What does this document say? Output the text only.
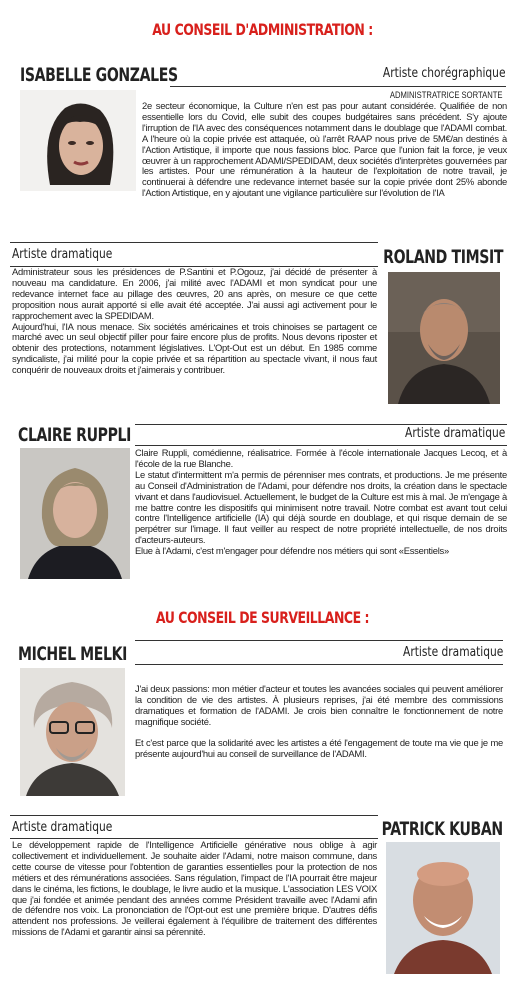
AU CONSEIL D'ADMINISTRATION :
ISABELLE GONZALES	Artiste chorégraphique
ADMINISTRATRICE SORTANTE

2e secteur économique, la Culture n'en est pas pour autant considérée. Qualifiée de non essentielle lors du Covid, elle subit des coupes budgétaires sans précédent. S'y ajoute l'irruption de l'IA avec des conséquences notamment dans le doublage que l'ADAMI combat. A l'heure où la copie privée est attaquée, où l'arrêt RAAP nous prive de 5M€/an destinés à l'Action Artistique, il importe que nous fassions bloc. Parce que l'union fait la force, je veux œuvrer à un rapprochement ADAMI/SPEDIDAM, deux sociétés d'interprètes gouvernées par les artistes. Pour une rémunération à la hauteur de l'exploitation de notre travail, je continuerai à défendre une redevance internet basée sur la copie privée dont 25% abonde l'Action Artistique, en y ajoutant une vigilance particulière sur l'évolution de l'IA

Artiste dramatique	ROLAND TIMSIT

Administrateur sous les présidences de P.Santini et P.Ogouz, j'ai décidé de présenter à nouveau ma candidature. En 2006, j'ai milité avec l'ADAMI et mon syndicat pour une redevance internet face au pillage des œuvres, 20 ans après, on mesure ce que cette proposition nous aurait apporté si elle avait été acceptée. J'ai aussi agi activement pour le rapprochement avec la SPEDIDAM.

Aujourd'hui, l'IA nous menace. Six sociétés américaines et trois chinoises se partagent ce marché avec un seul objectif piller pour faire encore plus de profits. Nous devons riposter et obtenir des protections, notamment législatives. L'Opt-Out est un début. En 1985 comme syndicaliste, j'ai milité pour la copie privée et sa répartition au spectacle vivant, il nous faut conquérir de nouveaux droits et j'aimerais y contribuer.

CLAIRE RUPPLI	Artiste dramatique

Claire Ruppli, comédienne, réalisatrice. Formée à l'école internationale Jacques Lecoq, et à l'école de la rue Blanche.

Le statut d'intermittent m'a permis de pérenniser mes contrats, et productions. Je me présente au Conseil d'Administration de l'Adami, pour défendre nos droits, la création dans le spectacle vivant et dans l'audiovisuel. Actuellement, le budget de la Culture est mis à mal. Je m'engage à me battre contre les dispositifs qui minimisent notre travail. Notre combat est avant tout celui contre l'Intelligence artificielle (IA) qui déjà sourde en doublage, et qui risque demain de se perpétrer sur l'image. Il faut veiller au respect de notre propriété intellectuelle, de nos droits d'acteurs-auteurs.

Elue à l'Adami, c'est m'engager pour défendre nos métiers qui sont «Essentiels»

AU CONSEIL DE SURVEILLANCE :
MICHEL MELKI	Artiste dramatique

J'ai deux passions: mon métier d'acteur et toutes les avancées sociales qui peuvent améliorer la condition de vie des artistes. À plusieurs reprises, j'ai été membre des commissions dramatiques et formation de l'ADAMI. Je crois bien connaître le fonctionnement de notre magnifique société.

Et c'est parce que la solidarité avec les artistes a été l'engagement de toute ma vie que je me présente aujourd'hui au conseil de surveillance de l'ADAMI.

Artiste dramatique	PATRICK KUBAN

Le développement rapide de l'Intelligence Artificielle générative nous oblige à agir collectivement et individuellement. Je souhaite aider l'Adami, notre maison commune, dans cette course de vitesse pour l'obtention de garanties essentielles pour la protection de nos métiers et des rémunérations associées. Sans régulation, l'impact de l'IA pourrait être majeur dans le cinéma, les fictions, le doublage, le livre audio et la musique. L'association LES VOIX que j'ai fondée et animée pendant des années comme Président travaille avec l'Adami afin de défendre nos voix. La prononciation de l'Opt-out est une première brique. D'autres défis attendent nos professions. Je veillerai également à l'équilibre de traitement des différentes missions de l'Adami et garantir ainsi sa pérennité.
